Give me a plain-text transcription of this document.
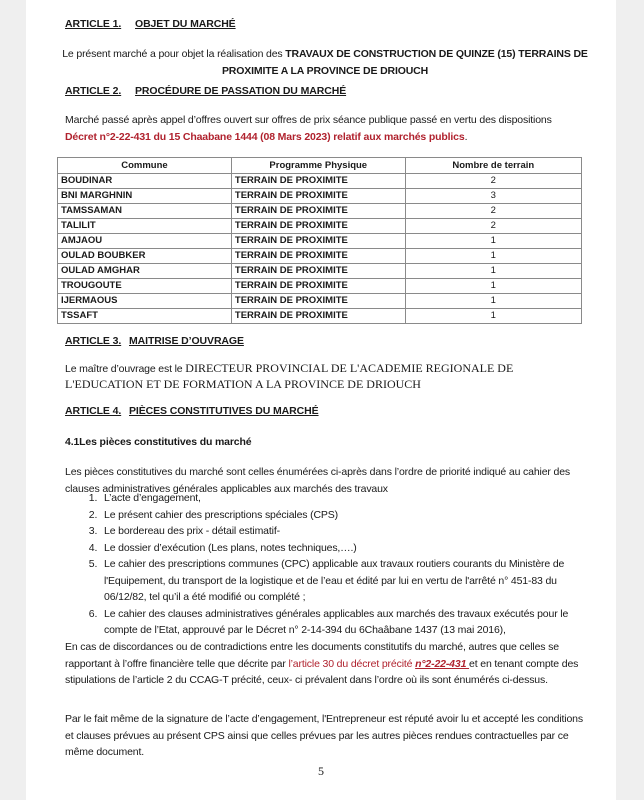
ARTICLE 1. OBJET DU MARCHÉ
Le présent marché a pour objet la réalisation des TRAVAUX DE CONSTRUCTION DE QUINZE (15) TERRAINS DE PROXIMITE A LA PROVINCE DE DRIOUCH
ARTICLE 2. PROCÉDURE DE PASSATION DU MARCHÉ
Marché passé après appel d’offres ouvert sur offres de prix séance publique passé en vertu des dispositions Décret n°2-22-431 du 15 Chaabane 1444 (08 Mars 2023) relatif aux marchés publics.
Commune	Programme Physique	Nombre de terrain
BOUDINAR	TERRAIN DE PROXIMITE	2
BNI MARGHNIN	TERRAIN DE PROXIMITE	3
TAMSSAMAN	TERRAIN DE PROXIMITE	2
TALILIT	TERRAIN DE PROXIMITE	2
AMJAOU	TERRAIN DE PROXIMITE	1
OULAD BOUBKER	TERRAIN DE PROXIMITE	1
OULAD AMGHAR	TERRAIN DE PROXIMITE	1
TROUGOUTE	TERRAIN DE PROXIMITE	1
IJERMAOUS	TERRAIN DE PROXIMITE	1
TSSAFT	TERRAIN DE PROXIMITE	1
ARTICLE 3. MAITRISE D’OUVRAGE
Le maître d’ouvrage est le DIRECTEUR PROVINCIAL DE L'ACADEMIE REGIONALE DE L'EDUCATION ET DE FORMATION A LA PROVINCE DE DRIOUCH
ARTICLE 4. PIÈCES CONSTITUTIVES DU MARCHÉ
4.1Les pièces constitutives du marché
Les pièces constitutives du marché sont celles énumérées ci-après dans l’ordre de priorité indiqué au cahier des clauses administratives générales applicables aux marchés des travaux
1. L’acte d’engagement,
2. Le présent cahier des prescriptions spéciales (CPS)
3. Le bordereau des prix - détail estimatif-
4. Le dossier d’exécution (Les plans, notes techniques,….)
5. Le cahier des prescriptions communes (CPC) applicable aux travaux routiers courants du Ministère de l'Equipement, du transport de la logistique et de l’eau et édité par lui en vertu de l'arrêté n° 451-83 du 06/12/82, tel qu’il a été modifié ou complété ;
6. Le cahier des clauses administratives générales applicables aux marchés des travaux exécutés pour le compte de l’Etat, approuvé par le Décret n° 2-14-394 du 6Chaâbane 1437 (13 mai 2016),
En cas de discordances ou de contradictions entre les documents constitutifs du marché, autres que celles se rapportant à l’offre financière telle que décrite par l’article 30 du décret précité n°2-22-431 et en tenant compte des stipulations de l’article 2 du CCAG-T précité, ceux- ci prévalent dans l’ordre où ils sont énumérés ci-dessus.
Par le fait même de la signature de l’acte d’engagement, l'Entrepreneur est réputé avoir lu et accepté les conditions et clauses prévues au présent CPS ainsi que celles prévues par les autres pièces rendues contractuelles par ce même document.
5
